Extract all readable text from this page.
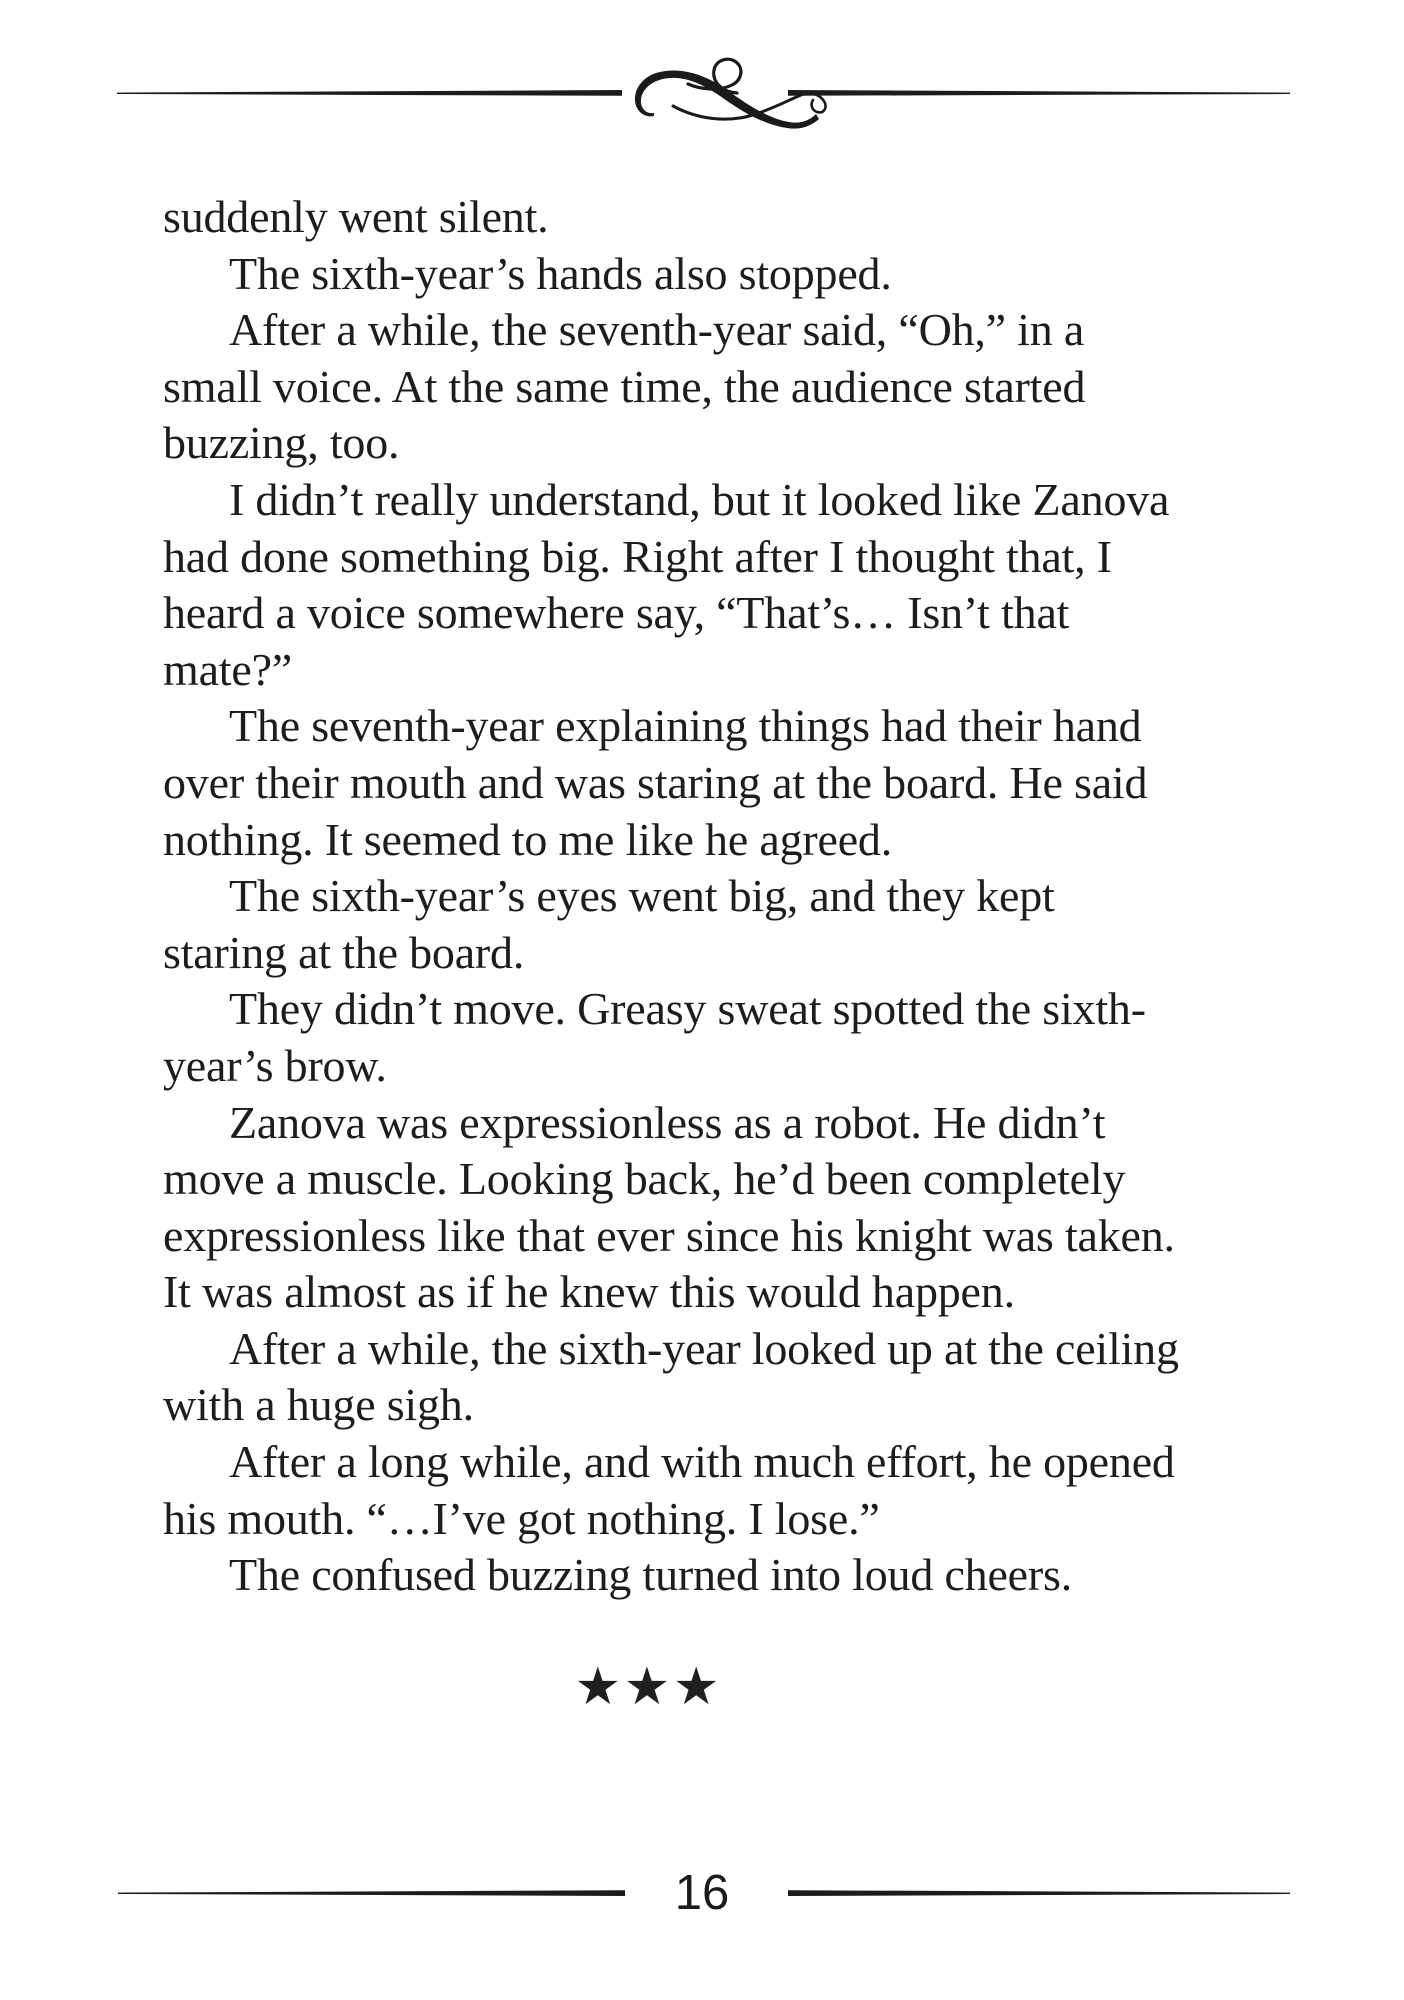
suddenly went silent.
The sixth-year’s hands also stopped.
After a while, the seventh-year said, “Oh,” in a
small voice. At the same time, the audience started
buzzing, too.
I didn’t really understand, but it looked like Zanova
had done something big. Right after I thought that, I
heard a voice somewhere say, “That’s… Isn’t that
mate?”
The seventh-year explaining things had their hand
over their mouth and was staring at the board. He said
nothing. It seemed to me like he agreed.
The sixth-year’s eyes went big, and they kept
staring at the board.
They didn’t move. Greasy sweat spotted the sixth-
year’s brow.
Zanova was expressionless as a robot. He didn’t
move a muscle. Looking back, he’d been completely
expressionless like that ever since his knight was taken.
It was almost as if he knew this would happen.
After a while, the sixth-year looked up at the ceiling
with a huge sigh.
After a long while, and with much effort, he opened
his mouth. “…I’ve got nothing. I lose.”
The confused buzzing turned into loud cheers.
★ ★ ★
16
